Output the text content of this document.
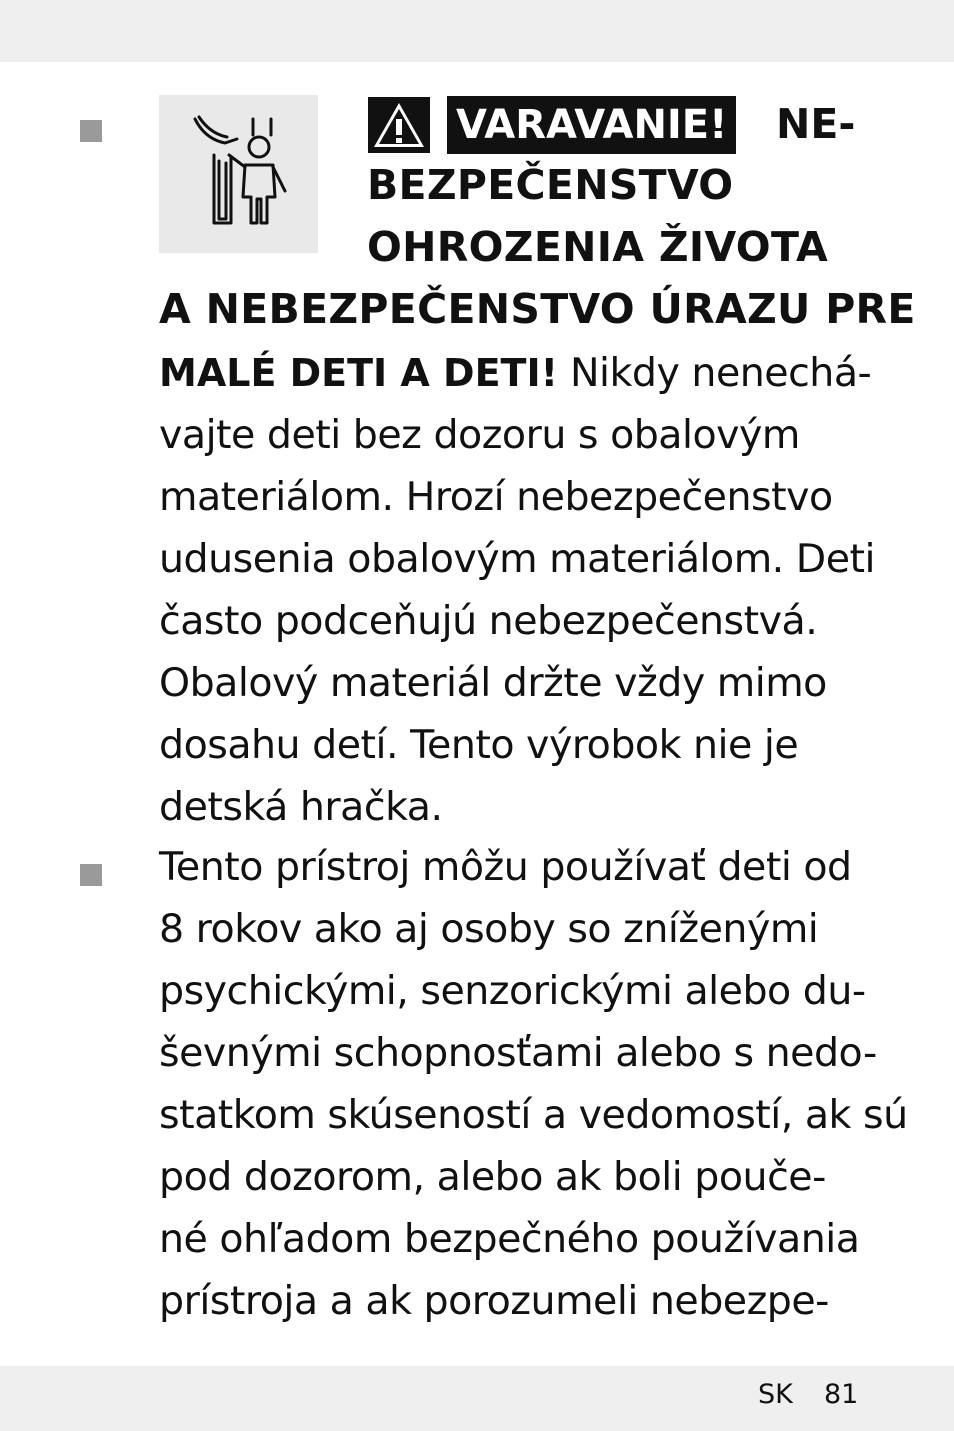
VARAVANIE! NE-
BEZPEČENSTVO
OHROZENIA ŽIVOTA
A NEBEZPEČENSTVO ÚRAZU PRE
MALÉ DETI A DETI! Nikdy nenechá-
vajte deti bez dozoru s obalovým
materiálom. Hrozí nebezpečenstvo
udusenia obalovým materiálom. Deti
často podceňujú nebezpečenstvá.
Obalový materiál držte vždy mimo
dosahu detí. Tento výrobok nie je
detská hračka.
Tento prístroj môžu používať deti od
8 rokov ako aj osoby so zníženými
psychickými, senzorickými alebo du-
ševnými schopnosťami alebo s nedo-
statkom skúseností a vedomostí, ak sú
pod dozorom, alebo ak boli pouče-
né ohľadom bezpečného používania
prístroja a ak porozumeli nebezpe-
SK 81
